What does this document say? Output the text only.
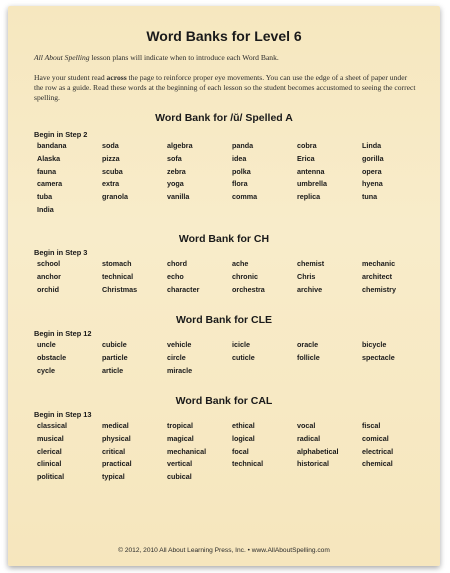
Word Banks for Level 6
All About Spelling lesson plans will indicate when to introduce each Word Bank.
Have your student read across the page to reinforce proper eye movements. You can use the edge of a sheet of paper under the row as a guide. Read these words at the beginning of each lesson so the student becomes accustomed to seeing the correct spelling.
Word Bank for /ŭ/ Spelled A
Begin in Step 2
bandana	soda	algebra	panda	cobra	Linda
Alaska	pizza	sofa	idea	Erica	gorilla
fauna	scuba	zebra	polka	antenna	opera
camera	extra	yoga	flora	umbrella	hyena
tuba	granola	vanilla	comma	replica	tuna
India
Word Bank for CH
Begin in Step 3
school	stomach	chord	ache	chemist	mechanic
anchor	technical	echo	chronic	Chris	architect
orchid	Christmas	character	orchestra	archive	chemistry
Word Bank for CLE
Begin in Step 12
uncle	cubicle	vehicle	icicle	oracle	bicycle
obstacle	particle	circle	cuticle	follicle	spectacle
cycle	article	miracle
Word Bank for CAL
Begin in Step 13
classical	medical	tropical	ethical	vocal	fiscal
musical	physical	magical	logical	radical	comical
clerical	critical	mechanical	focal	alphabetical	electrical
clinical	practical	vertical	technical	historical	chemical
political	typical	cubical
© 2012, 2010 All About Learning Press, Inc. • www.AllAboutSpelling.com
